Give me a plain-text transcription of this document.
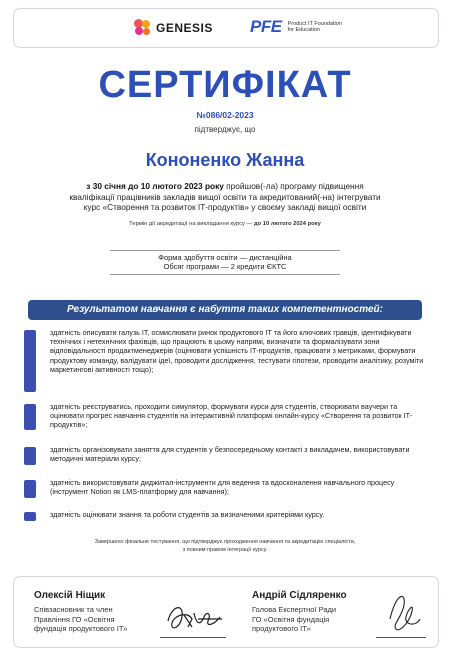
GENESIS PFE Product IT Foundation for Education
СЕРТИФІКАТ
№086/02-2023
підтверджує, що
Кононенко Жанна
з 30 січня до 10 лютого 2023 року пройшов(-ла) програму підвищення
кваліфікації працівників закладів вищої освіти та акредитований(-на) інтегрувати
курс «Створення та розвиток ІТ-продуктів» у своєму закладі вищої освіти
Термін дії акредитації на викладання курсу — до 10 лютого 2024 року
Форма здобуття освіти — дистанційна
Обсяг програми — 2 кредити ЄКТС
Результатом навчання є набуття таких компетентностей:
здатність описувати галузь ІТ, осмислювати ринок продуктового ІТ та його ключових гравців, ідентифікувати технічних і нетехнічних фахівців, що працюють в цьому напрямі, визначати та формалізувати зони відповідальності продактменеджерів (оцінювати успішність ІТ-продуктів, працювати з метриками, формувати продуктову команду, валідувати ідеї, проводити дослідження, тестувати гіпотези, проводити аналітику, розуміти маркетингові активності тощо);
здатність реєструватись, проходити симулятор, формувати курси для студентів, створювати ваучери та оцінювати прогрес навчання студентів на інтерактивній платформі онлайн-курсу «Створення та розвиток ІТ-продуктів»;
здатність організовувати заняття для студентів у безпосередньому контакті з викладачем, використовувати методичні матеріали курсу;
здатність використовувати диджитал-інструменти для ведення та вдосконалення навчального процесу (інструмент Notion як LMS-платформу для навчання);
здатність оцінювати знання та роботи студентів за визначеними критеріями курсу.
Завершено фінальне тестування, що підтверджує проходження навчання та акредитацію спеціаліста,
з повним правом інтеграції курсу.
Олексій Ніщик
Співзасновник та член
Правління ГО «Освітня
фундація продуктового ІТ»
Андрій Сідляренко
Голова Експертної Ради
ГО «Освітня фундація
продуктового ІТ»
